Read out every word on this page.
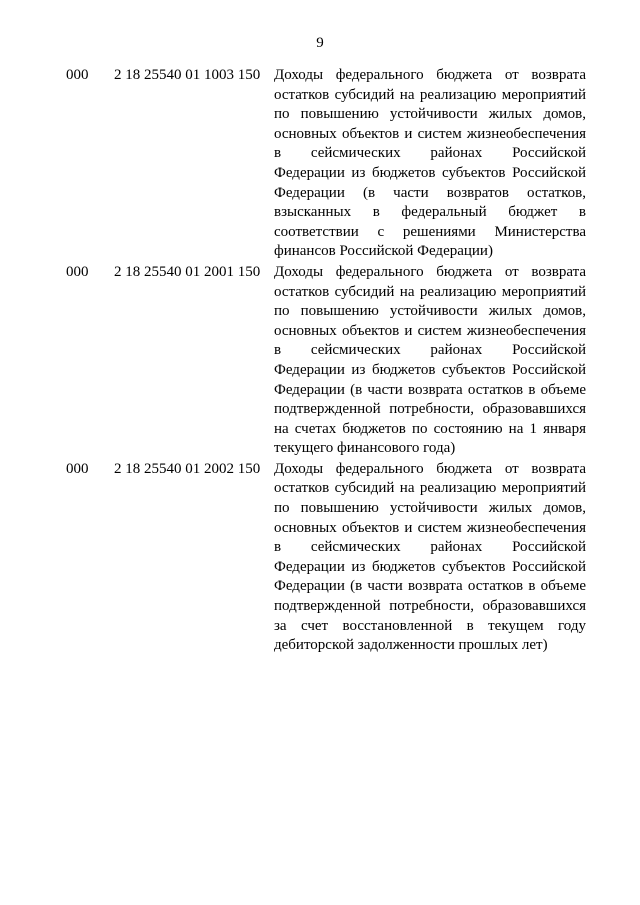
9
000	2 18 25540 01 1003 150 Доходы федерального бюджета от возврата
остатков субсидий на реализацию мероприятий
по повышению устойчивости жилых домов,
основных объектов и систем жизнеобеспечения
в сейсмических районах Российской
Федерации из бюджетов субъектов Российской
Федерации (в части возвратов остатков,
взысканных в федеральный бюджет в
соответствии с решениями Министерства
финансов Российской Федерации)
000	2 18 25540 01 2001 150 Доходы федерального бюджета от возврата
остатков субсидий на реализацию мероприятий
по повышению устойчивости жилых домов,
основных объектов и систем жизнеобеспечения
в сейсмических районах Российской
Федерации из бюджетов субъектов Российской
Федерации (в части возврата остатков в объеме
подтвержденной потребности, образовавшихся
на счетах бюджетов по состоянию на 1 января
текущего финансового года)
000	2 18 25540 01 2002 150 Доходы федерального бюджета от возврата
остатков субсидий на реализацию мероприятий
по повышению устойчивости жилых домов,
основных объектов и систем жизнеобеспечения
в сейсмических районах Российской
Федерации из бюджетов субъектов Российской
Федерации (в части возврата остатков в объеме
подтвержденной потребности, образовавшихся
за счет восстановленной в текущем году
дебиторской задолженности прошлых лет)
